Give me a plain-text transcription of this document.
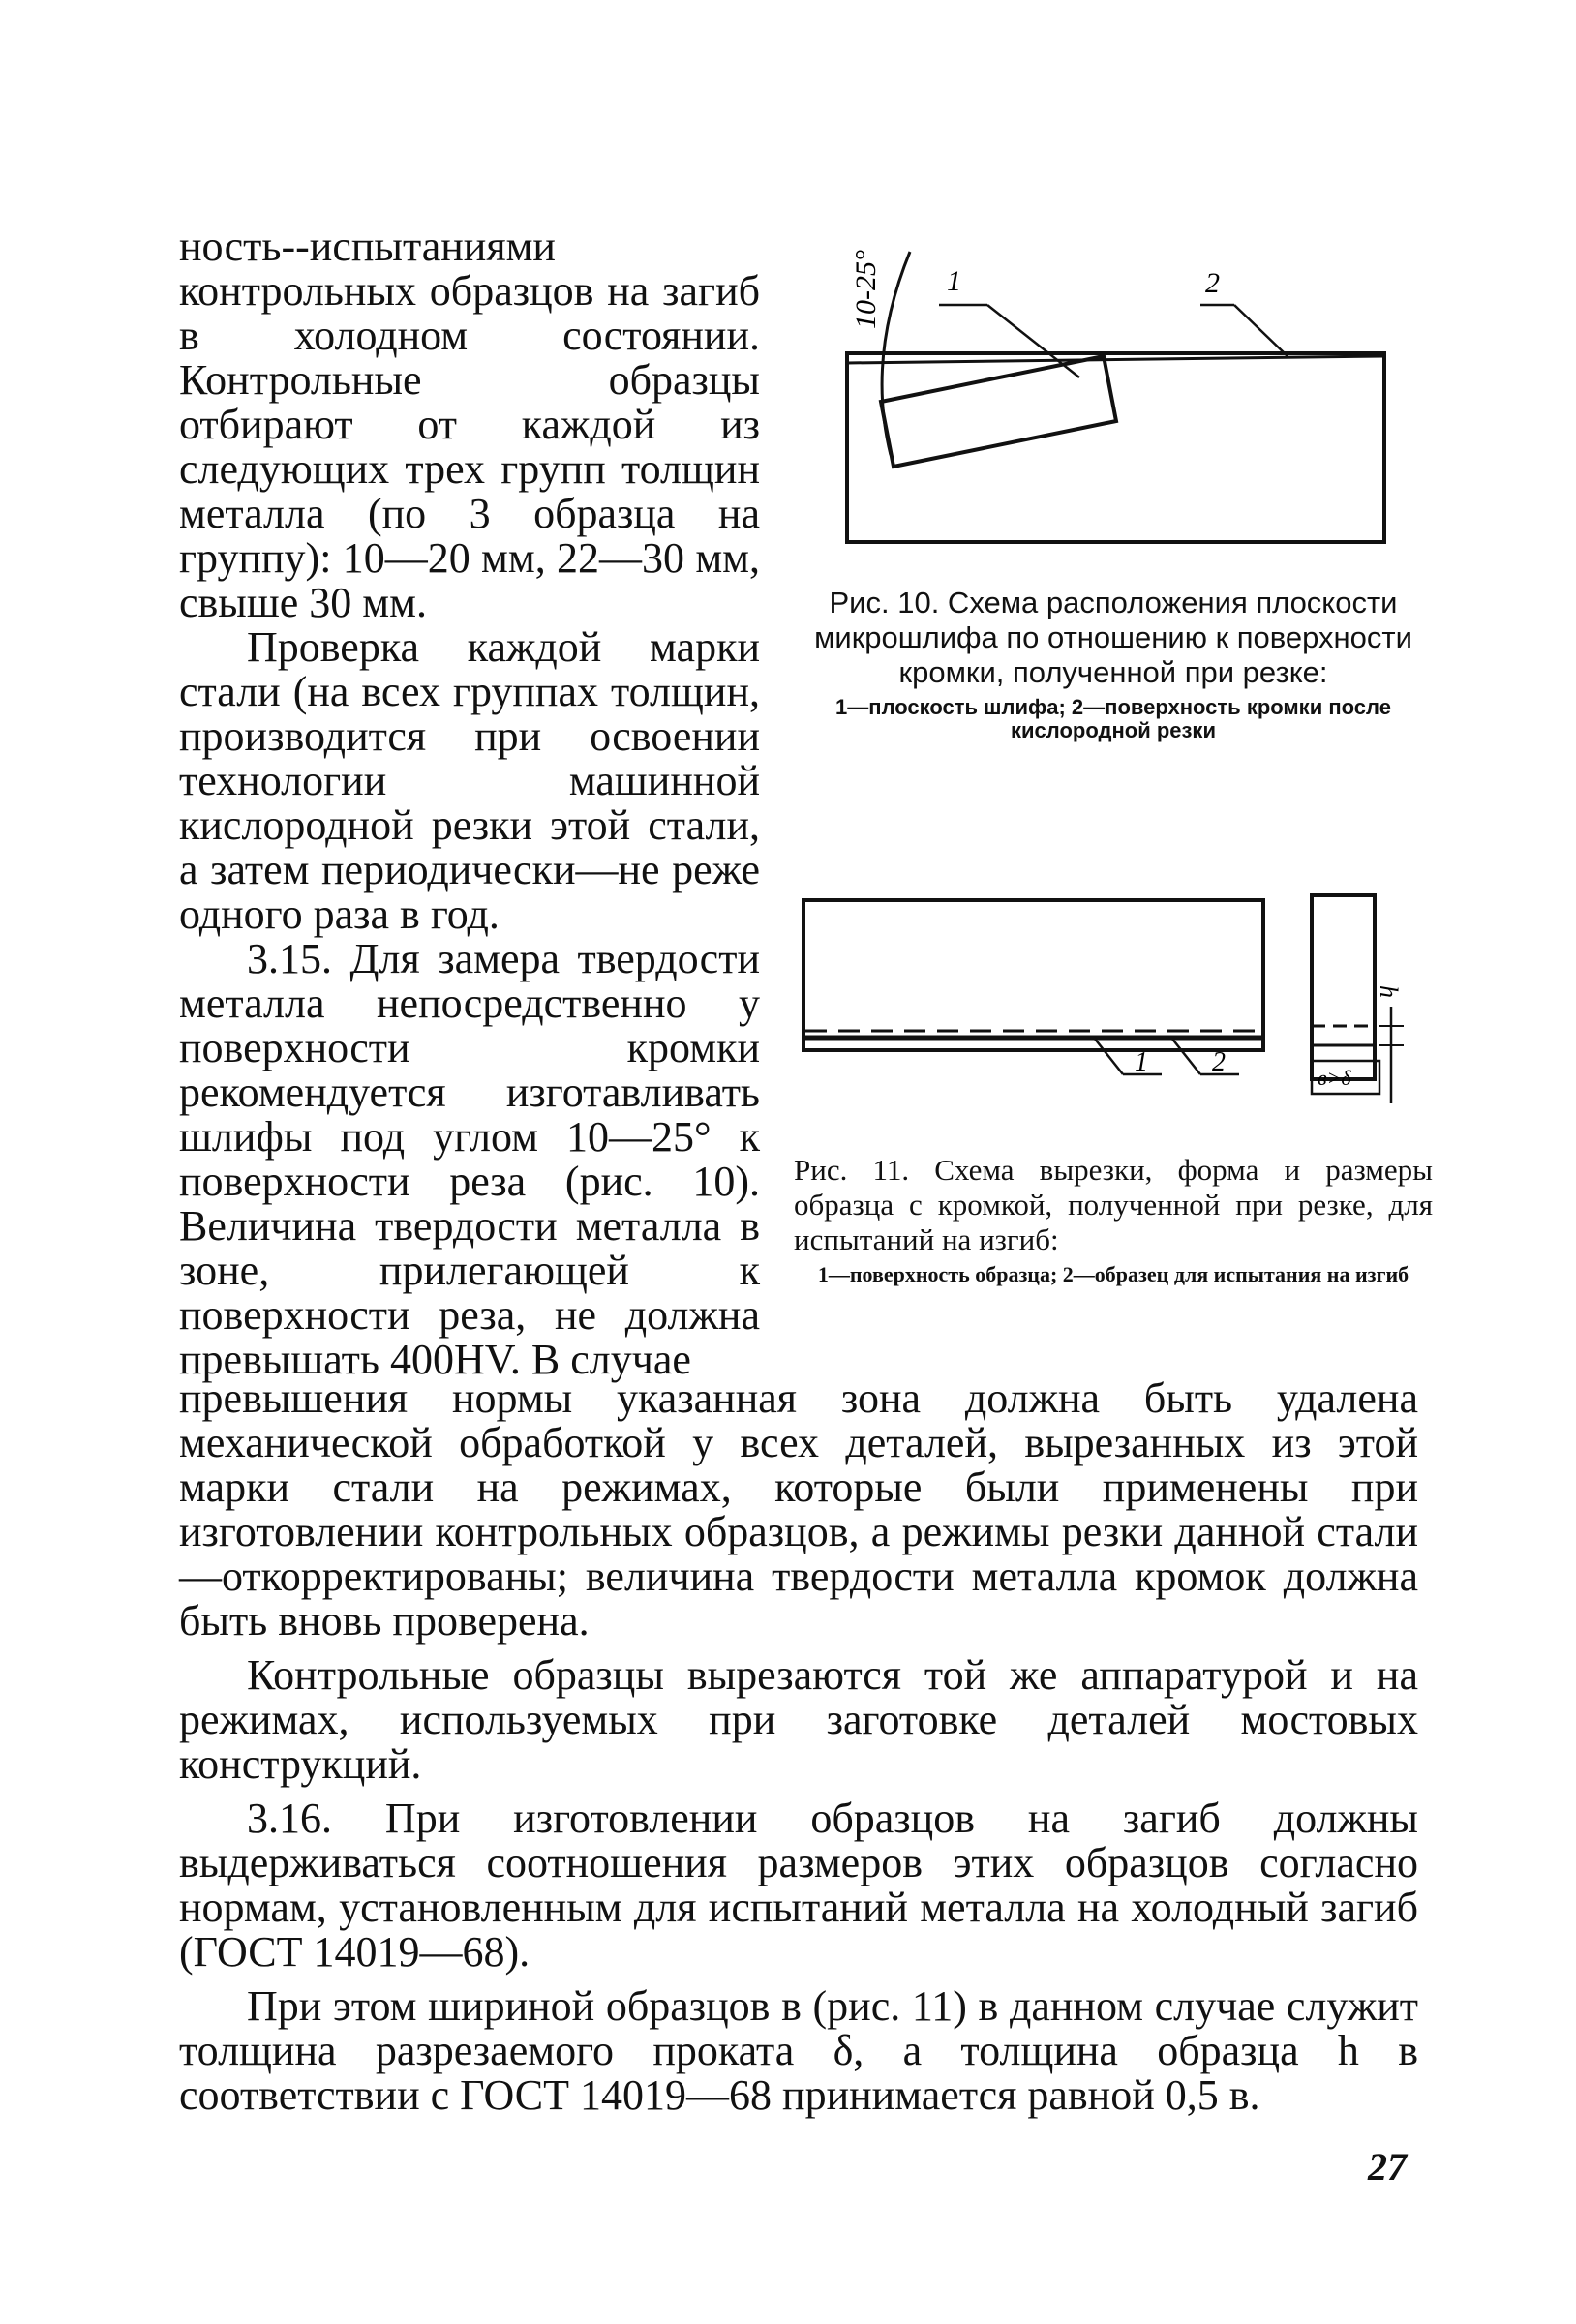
ность--испытаниями контрольных образцов на загиб в холодном состоянии. Контрольные образцы отбирают от каждой из следующих трех групп толщин металла (по 3 образца на группу): 10—20 мм, 22—30 мм, свыше 30 мм.

Проверка каждой марки стали (на всех группах толщин, производится при освоении технологии машинной кислородной резки этой стали, а затем периодически—не реже одного раза в год.

3.15. Для замера твердости металла непосредственно у поверхности кромки рекомендуется изготавливать шлифы под углом 10—25° к поверхности реза (рис. 10). Величина твердости металла в зоне, прилегающей к поверхности реза, не должна превышать 400HV. В случае

10-25° 1	2
Рис. 10. Схема расположения плоскости микрошлифа по отношению к поверхности кромки, полученной при резке:
1—плоскость шлифа; 2—поверхность кромки после кислородной резки
1 2
h
в>δ
Рис. 11. Схема вырезки, форма и размеры образца с кромкой, полученной при резке, для испытаний на изгиб:
1—поверхность образца; 2—образец для испытания на изгиб

превышения нормы указанная зона должна быть удалена механической обработкой у всех деталей, вырезанных из этой марки стали на режимах, которые были применены при изготовлении контрольных образцов, а режимы резки данной стали—откорректированы; величина твердости металла кромок должна быть вновь проверена.

Контрольные образцы вырезаются той же аппаратурой и на режимах, используемых при заготовке деталей мостовых конструкций.

3.16. При изготовлении образцов на загиб должны выдерживаться соотношения размеров этих образцов согласно нормам, установленным для испытаний металла на холодный загиб (ГОСТ 14019—68).

При этом шириной образцов в (рис. 11) в данном случае служит толщина разрезаемого проката δ, а толщина образца h в соответствии с ГОСТ 14019—68 принимается равной 0,5 в.

27
